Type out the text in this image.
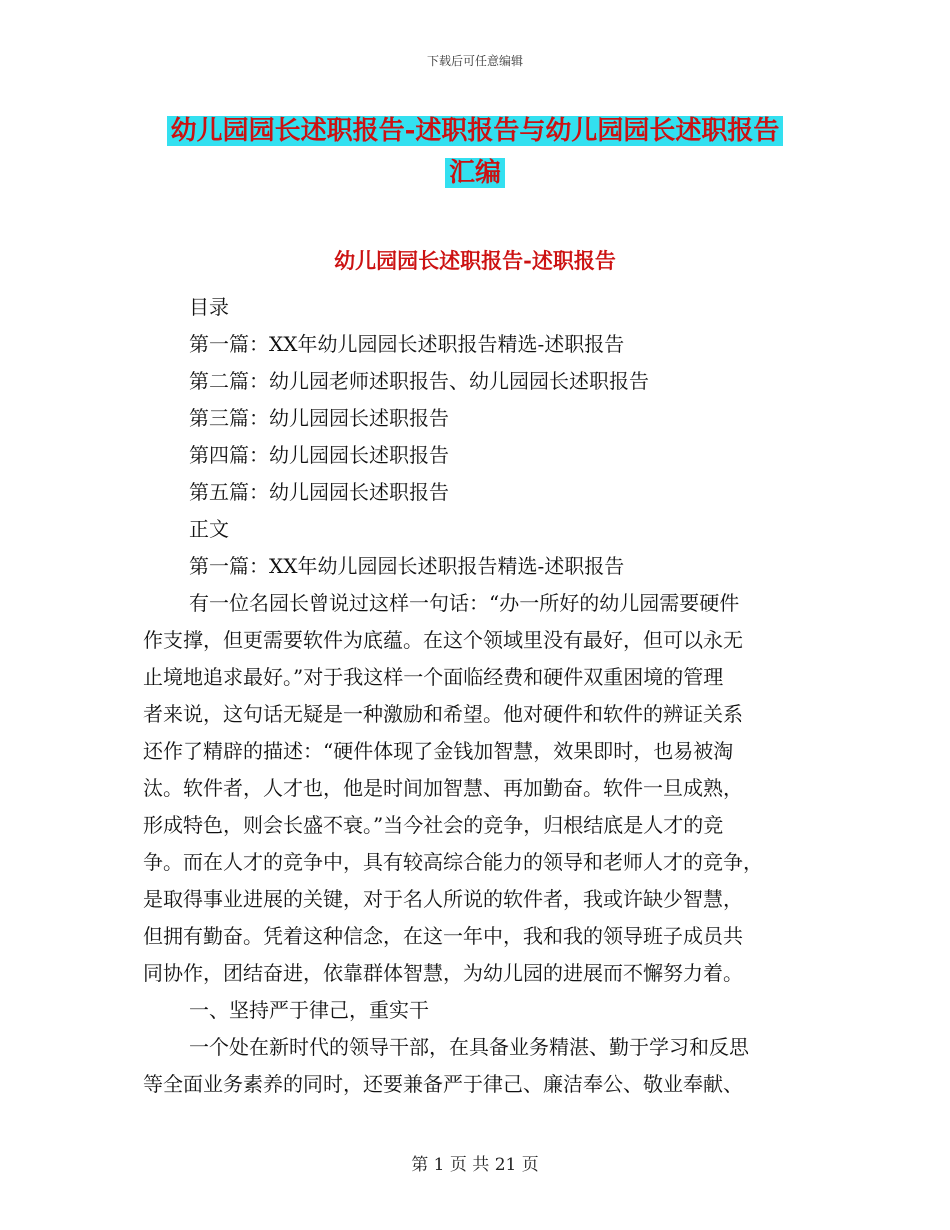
下载后可任意编辑
幼儿园园长述职报告-述职报告与幼儿园园长述职报告
汇编
幼儿园园长述职报告-述职报告
目录
第一篇：XX年幼儿园园长述职报告精选-述职报告
第二篇：幼儿园老师述职报告、幼儿园园长述职报告
第三篇：幼儿园园长述职报告
第四篇：幼儿园园长述职报告
第五篇：幼儿园园长述职报告
正文
第一篇：XX年幼儿园园长述职报告精选-述职报告
有一位名园长曾说过这样一句话：“办一所好的幼儿园需要硬件
作支撑，但更需要软件为底蕴。在这个领域里没有最好，但可以永无
止境地追求最好。”对于我这样一个面临经费和硬件双重困境的管理
者来说，这句话无疑是一种激励和希望。他对硬件和软件的辨证关系
还作了精辟的描述：“硬件体现了金钱加智慧，效果即时，也易被淘
汰。软件者，人才也，他是时间加智慧、再加勤奋。软件一旦成熟，
形成特色，则会长盛不衰。”当今社会的竞争，归根结底是人才的竞
争。而在人才的竞争中，具有较高综合能力的领导和老师人才的竞争，
是取得事业进展的关键，对于名人所说的软件者，我或许缺少智慧，
但拥有勤奋。凭着这种信念，在这一年中，我和我的领导班子成员共
同协作，团结奋进，依靠群体智慧，为幼儿园的进展而不懈努力着。
一、坚持严于律己，重实干
一个处在新时代的领导干部，在具备业务精湛、勤于学习和反思
等全面业务素养的同时，还要兼备严于律己、廉洁奉公、敬业奉献、
第 1 页 共 21 页
